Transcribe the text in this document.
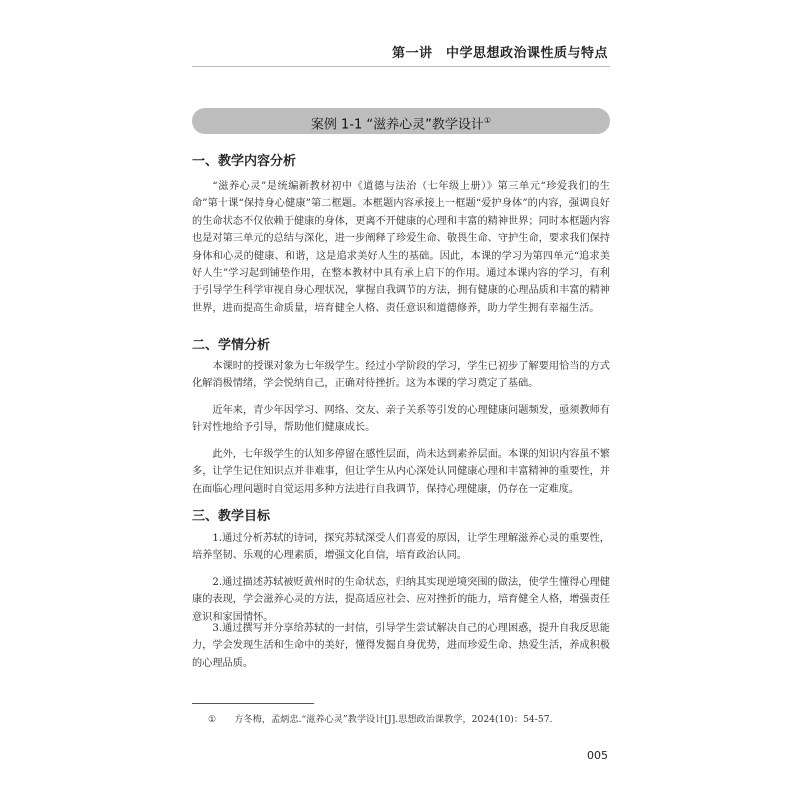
第一讲　中学思想政治课性质与特点
案例 1-1 “滋养心灵”教学设计①
一、教学内容分析
“滋养心灵”是统编新教材初中《道德与法治（七年级上册）》第三单元“珍爱我们的生命”第十课“保持身心健康”第二框题。本框题内容承接上一框题“爱护身体”的内容，强调良好的生命状态不仅依赖于健康的身体，更离不开健康的心理和丰富的精神世界；同时本框题内容也是对第三单元的总结与深化，进一步阐释了珍爱生命、敬畏生命、守护生命，要求我们保持身体和心灵的健康、和谐，这是追求美好人生的基础。因此，本课的学习为第四单元“追求美好人生”学习起到铺垫作用，在整本教材中具有承上启下的作用。通过本课内容的学习，有利于引导学生科学审视自身心理状况，掌握自我调节的方法，拥有健康的心理品质和丰富的精神世界，进而提高生命质量，培育健全人格、责任意识和道德修养，助力学生拥有幸福生活。
二、学情分析
本课时的授课对象为七年级学生。经过小学阶段的学习，学生已初步了解要用恰当的方式化解消极情绪，学会悦纳自己，正确对待挫折。这为本课的学习奠定了基础。
近年来，青少年因学习、网络、交友、亲子关系等引发的心理健康问题频发，亟须教师有针对性地给予引导，帮助他们健康成长。
此外，七年级学生的认知多停留在感性层面，尚未达到素养层面。本课的知识内容虽不繁多，让学生记住知识点并非难事，但让学生从内心深处认同健康心理和丰富精神的重要性，并在面临心理问题时自觉运用多种方法进行自我调节，保持心理健康，仍存在一定难度。
三、教学目标
1.通过分析苏轼的诗词，探究苏轼深受人们喜爱的原因，让学生理解滋养心灵的重要性，培养坚韧、乐观的心理素质，增强文化自信，培育政治认同。
2.通过描述苏轼被贬黄州时的生命状态，归纳其实现逆境突围的做法，使学生懂得心理健康的表现，学会滋养心灵的方法，提高适应社会、应对挫折的能力，培育健全人格，增强责任意识和家国情怀。
3.通过撰写并分享给苏轼的一封信，引导学生尝试解决自己的心理困惑，提升自我反思能力，学会发现生活和生命中的美好，懂得发掘自身优势，进而珍爱生命、热爱生活，养成积极的心理品质。
① 方冬梅，孟炳忠.“滋养心灵”教学设计[J].思想政治课教学，2024(10)：54-57.
005
